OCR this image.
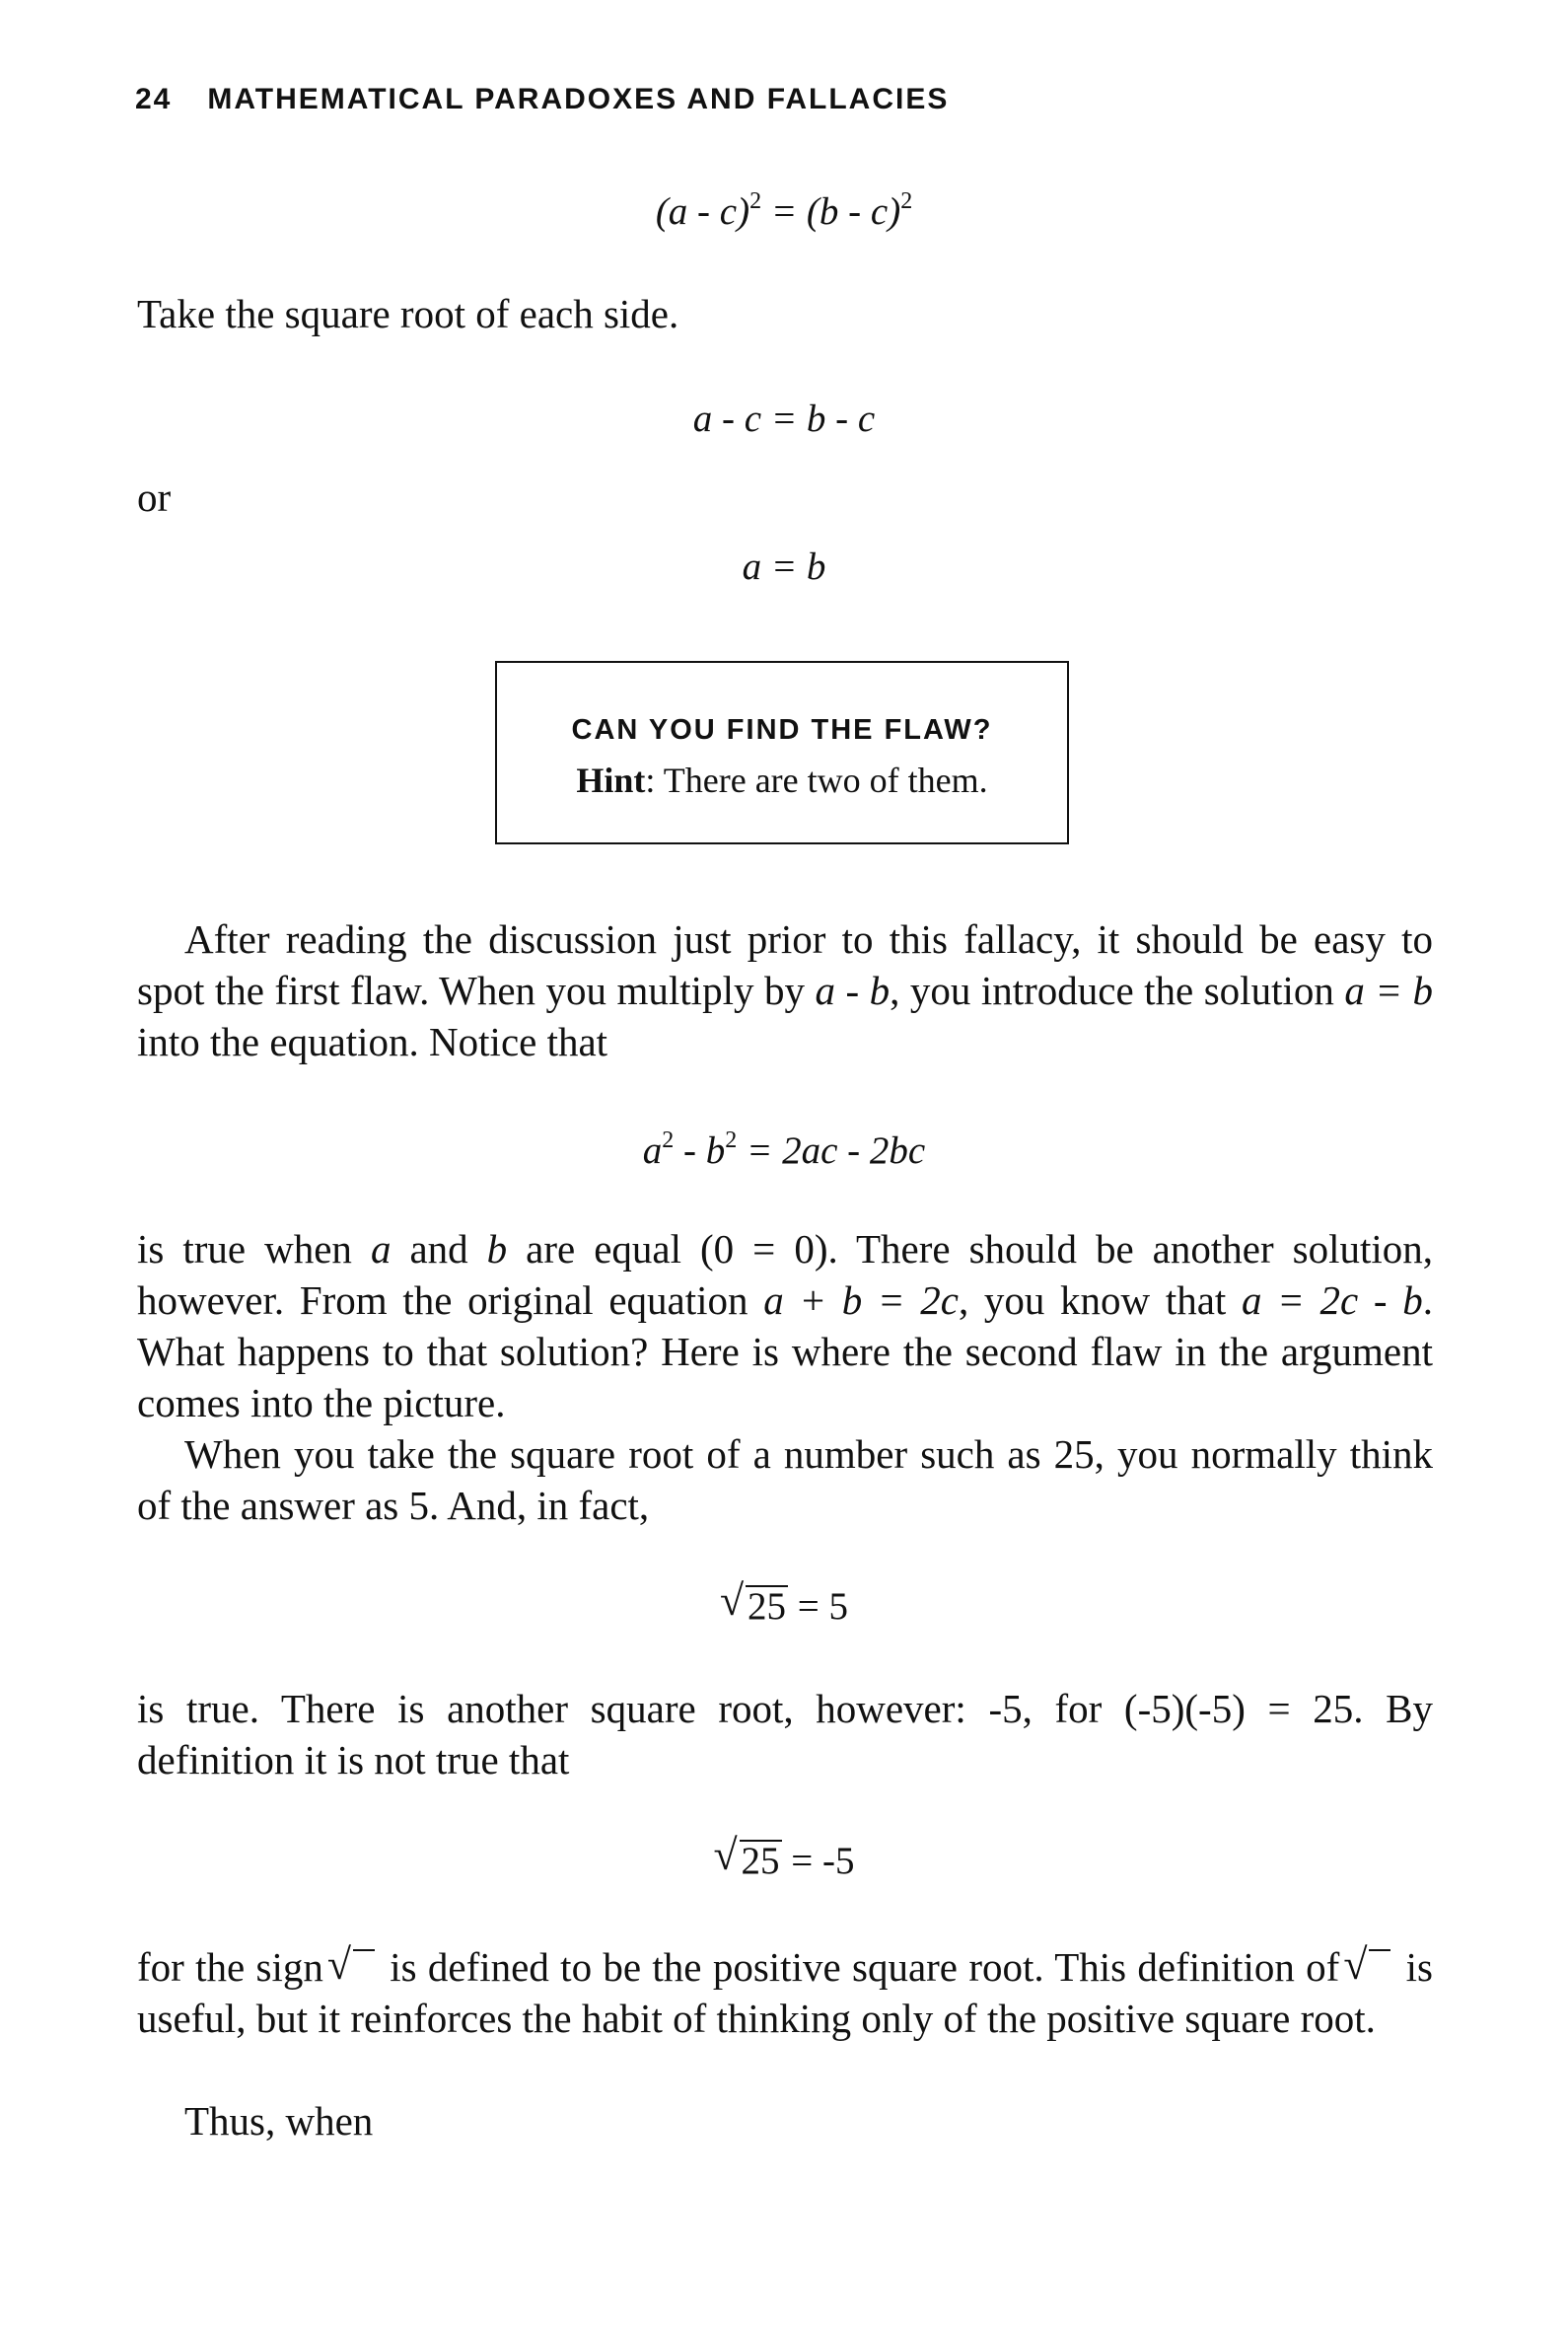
24 MATHEMATICAL PARADOXES AND FALLACIES
(a - c)$^2$ = (b - c)$^2$

Take the square root of each side.

a - c = b - c
or
a = b
CAN YOU FIND THE FLAW?
Hint: There are two of them.

After reading the discussion just prior to this fallacy, it should be easy to spot the first flaw. When you multiply by a - b, you introduce the solution a = b into the equation. Notice that

$a^2 - b^2 = 2ac - 2bc$

is true when a and b are equal (0 = 0). There should be another solution, however. From the original equation a + b = 2c, you know that a = 2c - b. What happens to that solution? Here is where the second flaw in the argument comes into the picture.

When you take the square root of a number such as 25, you normally think of the answer as 5. And, in fact,

√ 25 = 5

is true. There is another square root, however: -5, for (-5)(-5) = 25. By definition it is not true that

√ 25 = -5

for the sign √ is defined to be the positive square root. This definition of √ is useful, but it reinforces the habit of thinking only of the positive square root.

Thus, when
